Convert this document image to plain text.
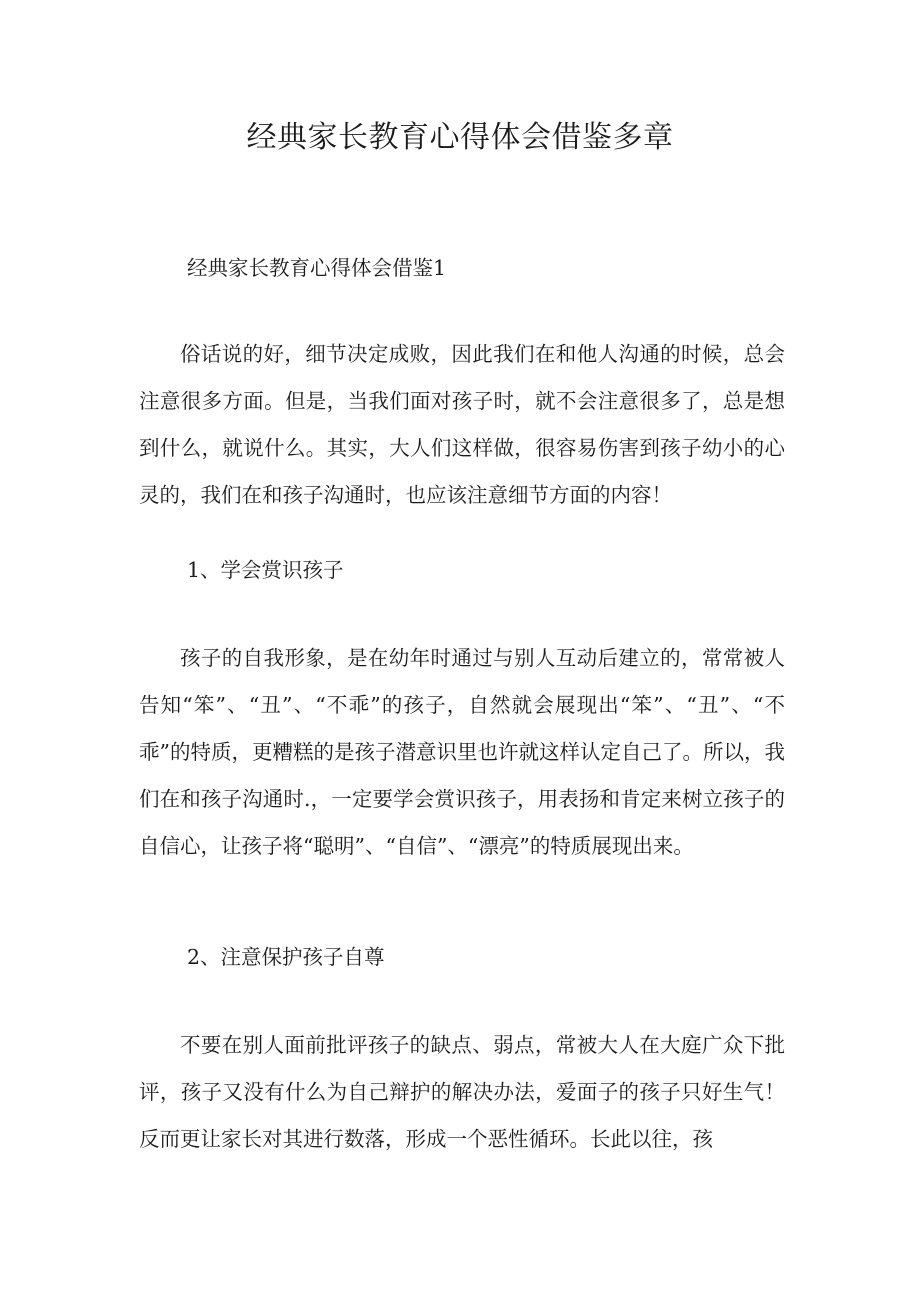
经典家长教育心得体会借鉴多章

经典家长教育心得体会借鉴1

俗话说的好，细节决定成败，因此我们在和他人沟通的时候，总会注意很多方面。但是，当我们面对孩子时，就不会注意很多了，总是想到什么，就说什么。其实，大人们这样做，很容易伤害到孩子幼小的心灵的，我们在和孩子沟通时，也应该注意细节方面的内容！

1、学会赏识孩子

孩子的自我形象，是在幼年时通过与别人互动后建立的，常常被人告知“笨”、“丑”、“不乖”的孩子，自然就会展现出“笨”、“丑”、“不乖”的特质，更糟糕的是孩子潜意识里也许就这样认定自己了。所以，我们在和孩子沟通时.，一定要学会赏识孩子，用表扬和肯定来树立孩子的自信心，让孩子将“聪明”、“自信”、“漂亮”的特质展现出来。

2、注意保护孩子自尊

不要在别人面前批评孩子的缺点、弱点，常被大人在大庭广众下批评，孩子又没有什么为自己辩护的解决办法，爱面子的孩子只好生气！反而更让家长对其进行数落，形成一个恶性循环。长此以往，孩
